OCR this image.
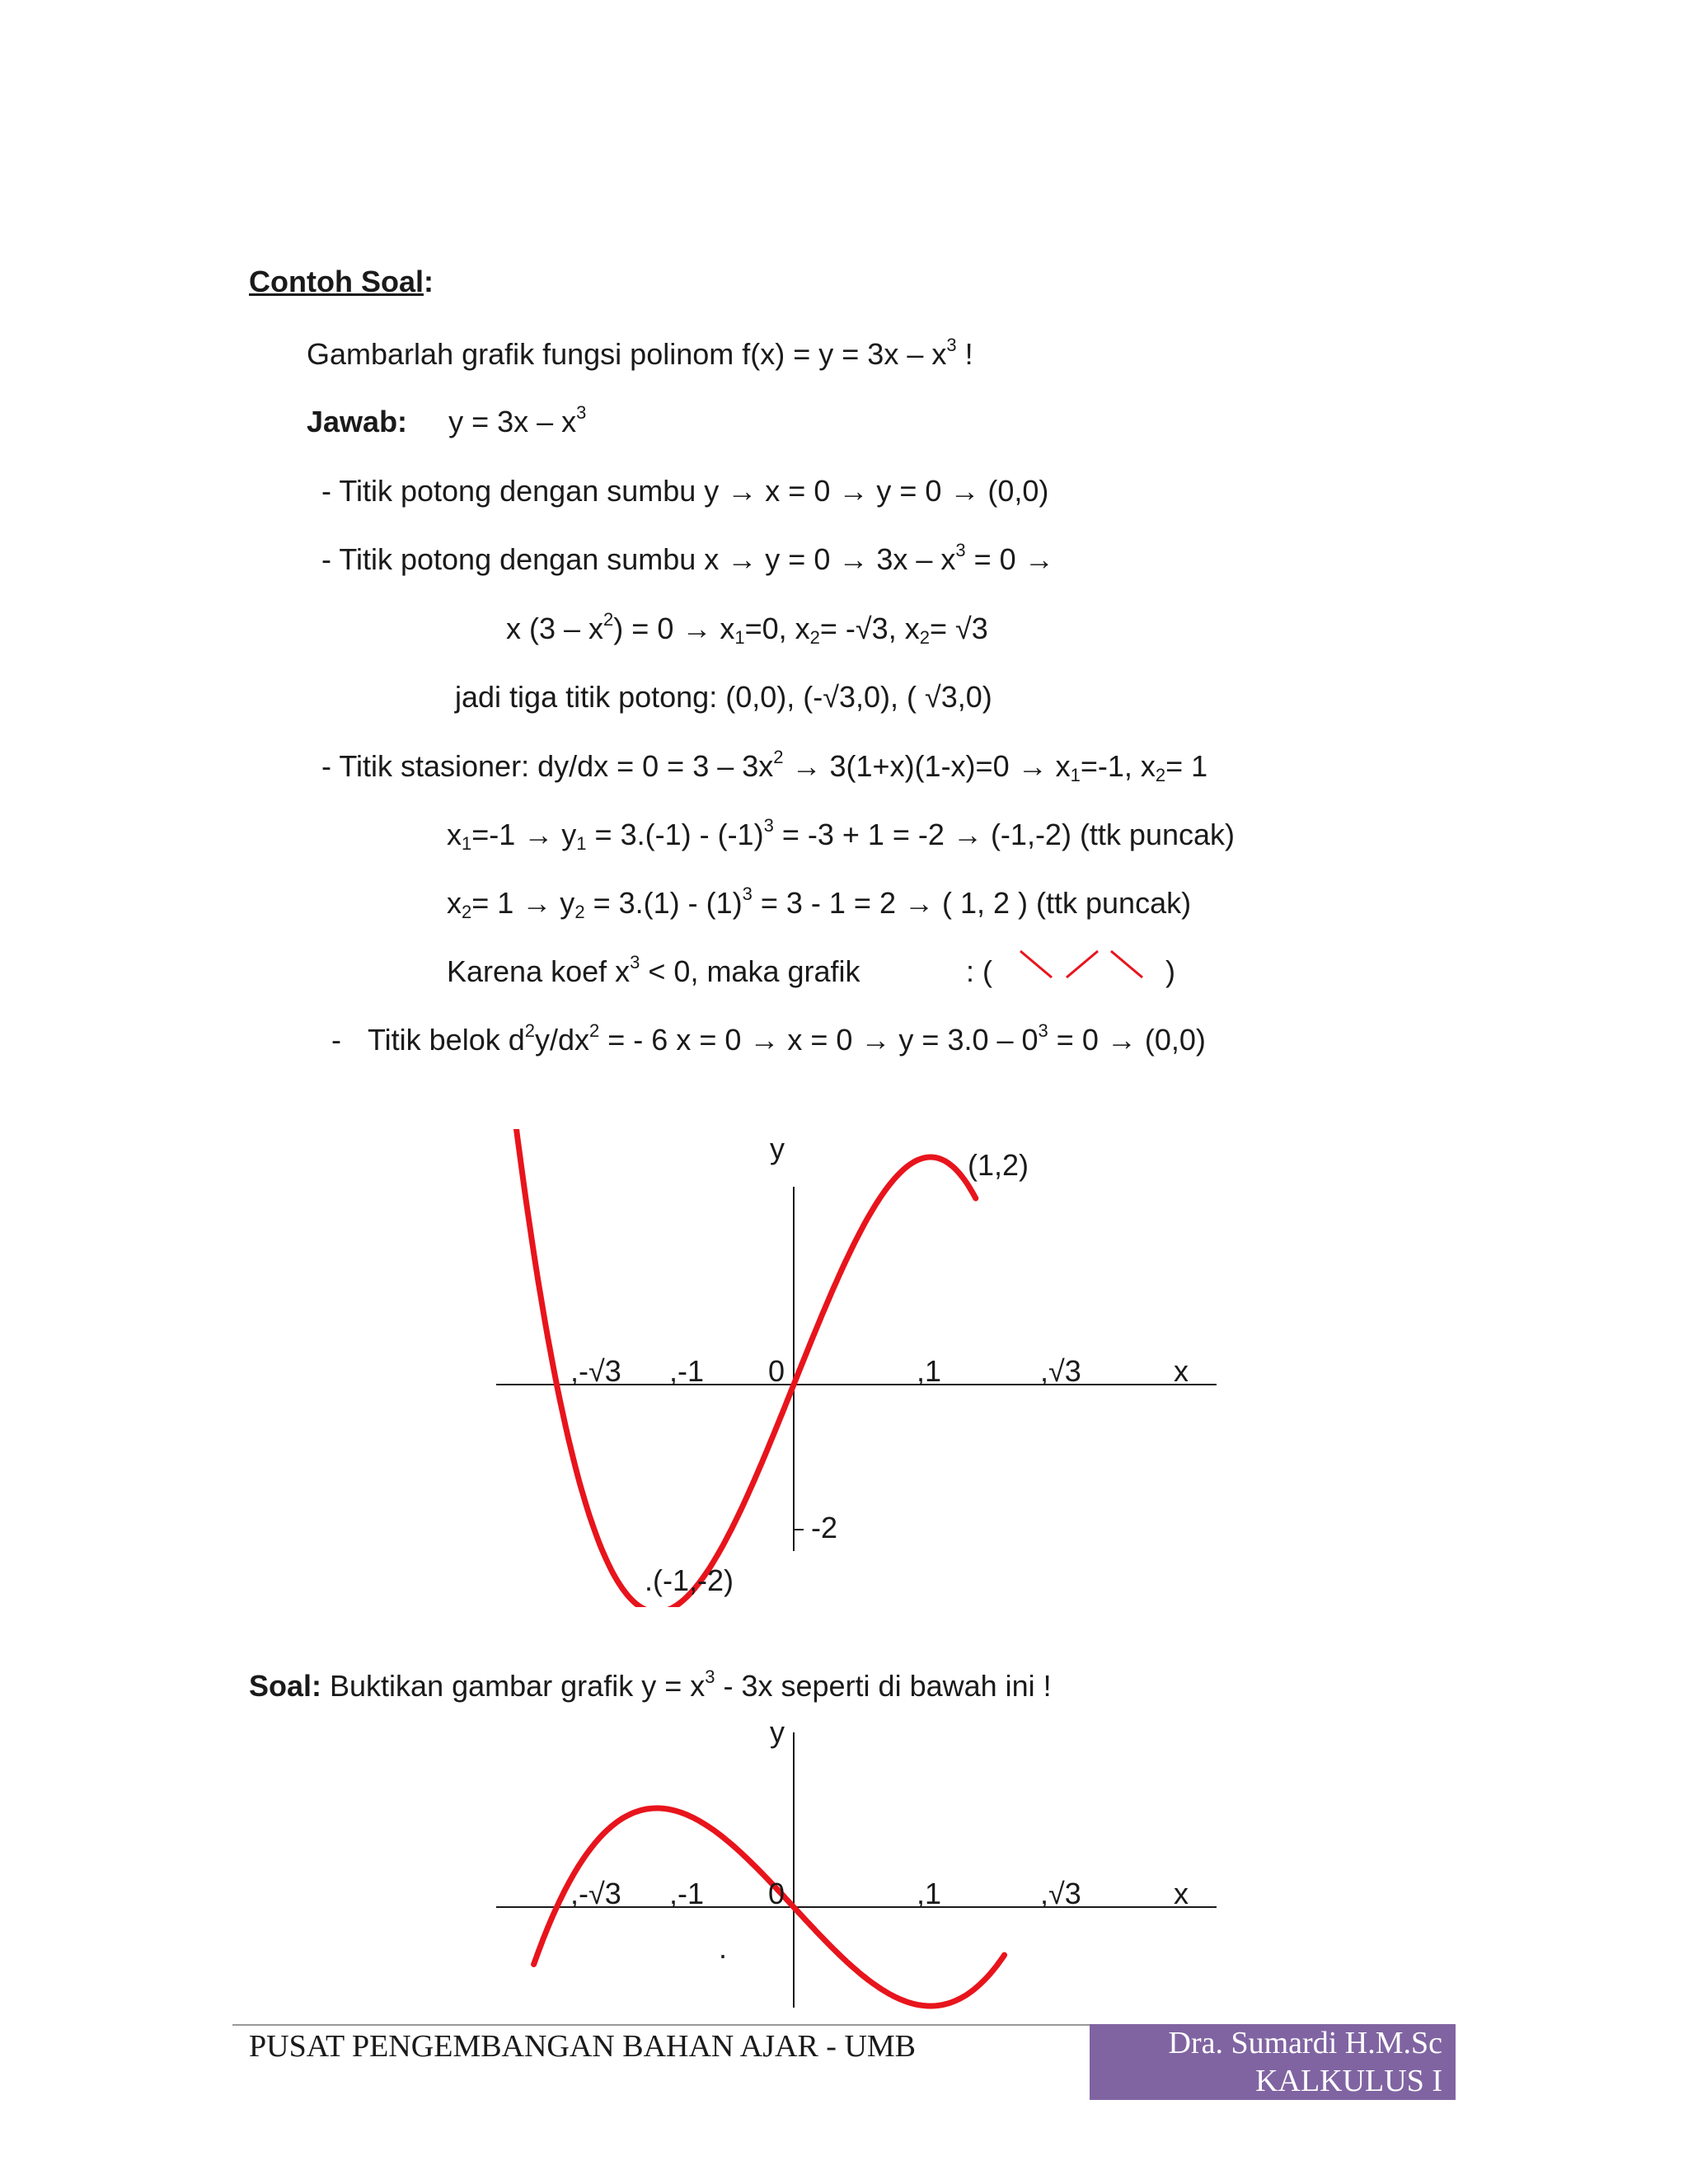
Contoh Soal:
Gambarlah grafik fungsi polinom $f(x) = y = 3x - x^3$ !
Jawab: $y = 3x - x^3$
- Titik potong dengan sumbu y → x = 0 → y = 0 → (0,0)
- Titik potong dengan sumbu $x \to y = 0 \to 3x - x^3 = 0$ →
x $(3 - x^2) = 0 \to x_1=0$, $x_2= -√3$, $x_2= √3$
jadi tiga titik potong: (0,0), (-√3,0), ( √3,0)
- Titik stasioner: $dy/dx = 0 = 3 - 3x^2 \to 3(1+x)(1-x)=0 \to x_1=-1$, $x_2= 1$
$x_1=-1 \to y_1 = 3.(-1) - (-1)^3 = -3 + 1 = -2 \to (-1,-2)$ (ttk puncak)
$x_2= 1 \to y_2 = 3.(1) - (1)^3 = 3 - 1 = 2$ → ( 1, 2 ) (ttk puncak)
Karena koef $x^3 < 0$, maka grafik	: (	)
- Titik belok $d^2y/dx^2$ = - 6 $x = 0 \to x = 0 \to y = 3.0 - 0^3 = 0 \to (0,0)$
y
x
(1,2)
.(-1,-2)
,-√3 ,-1 0	,1	,√3
-2
Soal: Buktikan gambar grafik $y = x^3 - 3x$ seperti di bawah ini !
y
x
,-√3 ,-1 0	,1	,√3
.
PUSAT PENGEMBANGAN BAHAN AJAR - UMB	Dra. Sumardi H.M.Sc
KALKULUS I
